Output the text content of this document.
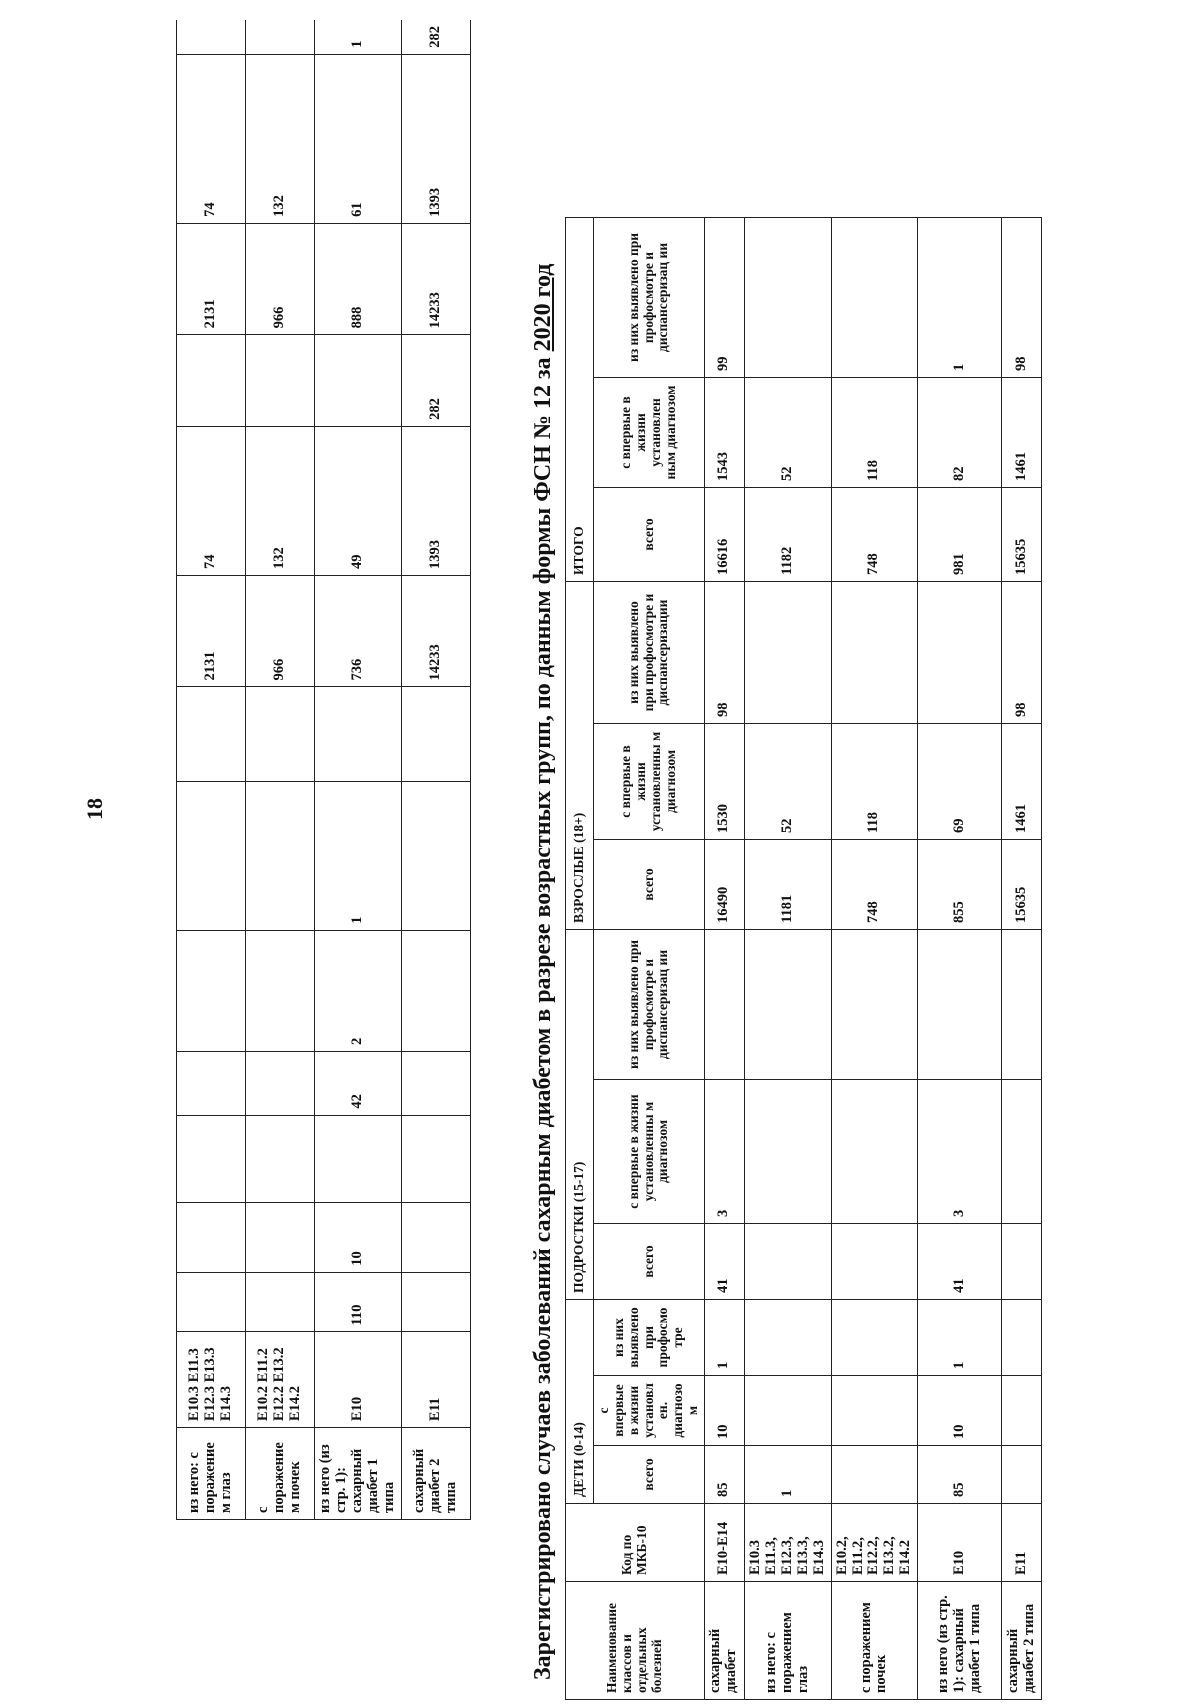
18
из него: с поражение м глаз	E10.3 E11.3 E12.3 E13.3 E14.3								2131	74		2131	74	
с поражение м почек	E10.2 E11.2 E12.2 E13.2 E14.2								966	132		966	132	
из него (из стр. 1): сахарный диабет 1 типа	E10	110	10		42	2	1		736	49		888	61	1
сахарный диабет 2 типа	E11								14233	1393	282	14233	1393	282
Зарегистрировано случаев заболеваний сахарным диабетом в разрезе возрастных групп, по данным формы ФСН № 12 за 2020 год
Наименование классов и отдельных болезней	Код по МКБ-10	ДЕТИ (0-14)			ПОДРОСТКИ (15-17)			ВЗРОСЛЫЕ (18+)			ИТОГО		
		всего	с впервые в жизни установл ен. диагнозо м	из них выявлено при профосмо тре	всего	с впервые в жизни установленны м диагнозом	из них выявлено при профосмотре и диспансеризац ии	всего	с впервые в жизни установленны м диагнозом	из них выявлено при профосмотре и диспансеризации	всего	с впервые в жизни установлен ным диагнозом	из них выявлено при профосмотре и диспансеризац ии
сахарный диабет	E10-E14	85	10	1	41	3		16490	1530	98	16616	1543	99
из него: с поражением глаз	E10.3 E11.3, E12.3, E13.3, E14.3	1						1181	52		1182	52	
с поражением почек	E10.2, E11.2, E12.2, E13.2, E14.2							748	118		748	118	
из него (из стр. 1): сахарный диабет 1 типа	E10	85	10	1	41	3		855	69		981	82	1
сахарный диабет 2 типа	E11							15635	1461	98	15635	1461	98
